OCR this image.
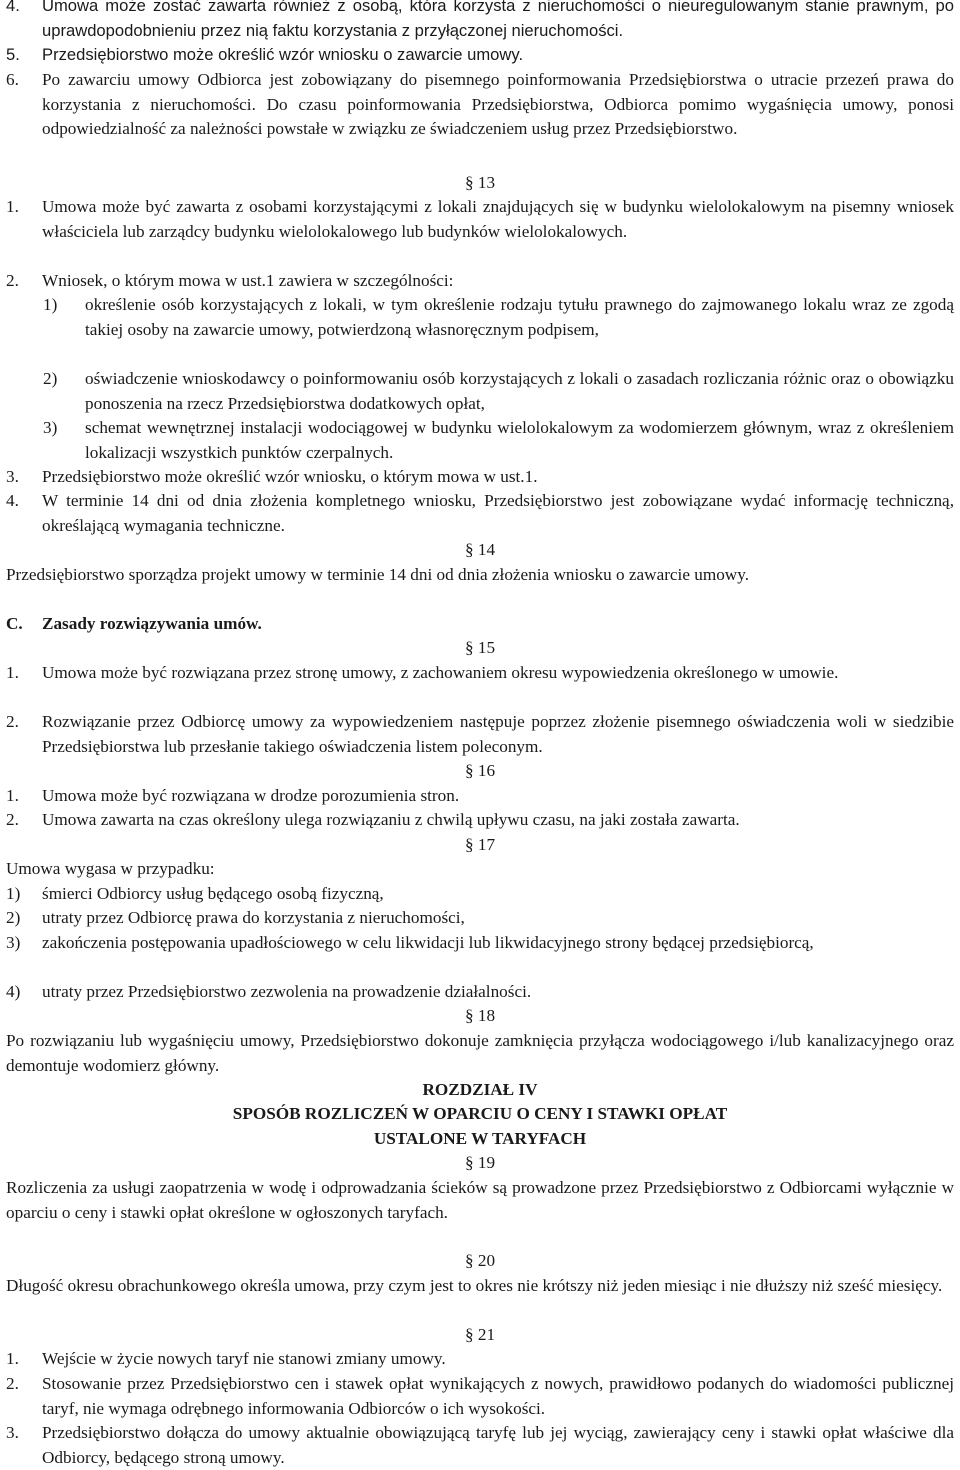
4. Umowa może zostać zawarta również z osobą, która korzysta z nieruchomości o nieuregulowanym stanie prawnym, po uprawdopodobnieniu przez nią faktu korzystania z przyłączonej nieruchomości.
5. Przedsiębiorstwo może określić wzór wniosku o zawarcie umowy.
6. Po zawarciu umowy Odbiorca jest zobowiązany do pisemnego poinformowania Przedsiębiorstwa o utracie przezeń prawa do korzystania z nieruchomości. Do czasu poinformowania Przedsiębiorstwa, Odbiorca pomimo wygaśnięcia umowy, ponosi odpowiedzialność za należności powstałe w związku ze świadczeniem usług przez Przedsiębiorstwo.
§ 13
1. Umowa może być zawarta z osobami korzystającymi z lokali znajdujących się w budynku wielolokalowym na pisemny wniosek właściciela lub zarządcy budynku wielolokalowego lub budynków wielolokalowych.
2. Wniosek, o którym mowa w ust.1 zawiera w szczególności:
1) określenie osób korzystających z lokali, w tym określenie rodzaju tytułu prawnego do zajmowanego lokalu wraz ze zgodą takiej osoby na zawarcie umowy, potwierdzoną własnoręcznym podpisem,
2) oświadczenie wnioskodawcy o poinformowaniu osób korzystających z lokali o zasadach rozliczania różnic oraz o obowiązku ponoszenia na rzecz Przedsiębiorstwa dodatkowych opłat,
3) schemat wewnętrznej instalacji wodociągowej w budynku wielolokalowym za wodomierzem głównym, wraz z określeniem lokalizacji wszystkich punktów czerpalnych.
3. Przedsiębiorstwo może określić wzór wniosku, o którym mowa w ust.1.
4. W terminie 14 dni od dnia złożenia kompletnego wniosku, Przedsiębiorstwo jest zobowiązane wydać informację techniczną, określającą wymagania techniczne.
§ 14
Przedsiębiorstwo sporządza projekt umowy w terminie 14 dni od dnia złożenia wniosku o zawarcie umowy.
C. Zasady rozwiązywania umów.
§ 15
1. Umowa może być rozwiązana przez stronę umowy, z zachowaniem okresu wypowiedzenia określonego w umowie.
2. Rozwiązanie przez Odbiorcę umowy za wypowiedzeniem następuje poprzez złożenie pisemnego oświadczenia woli w siedzibie Przedsiębiorstwa lub przesłanie takiego oświadczenia listem poleconym.
§ 16
1. Umowa może być rozwiązana w drodze porozumienia stron.
2. Umowa zawarta na czas określony ulega rozwiązaniu z chwilą upływu czasu, na jaki została zawarta.
§ 17
Umowa wygasa w przypadku:
1) śmierci Odbiorcy usług będącego osobą fizyczną,
2) utraty przez Odbiorcę prawa do korzystania z nieruchomości,
3) zakończenia postępowania upadłościowego w celu likwidacji lub likwidacyjnego strony będącej przedsiębiorcą,
4) utraty przez Przedsiębiorstwo zezwolenia na prowadzenie działalności.
§ 18
Po rozwiązaniu lub wygaśnięciu umowy, Przedsiębiorstwo dokonuje zamknięcia przyłącza wodociągowego i/lub kanalizacyjnego oraz demontuje wodomierz główny.
ROZDZIAŁ IV
SPOSÓB ROZLICZEŃ W OPARCIU O CENY I STAWKI OPŁAT
USTALONE W TARYFACH
§ 19
Rozliczenia za usługi zaopatrzenia w wodę i odprowadzania ścieków są prowadzone przez Przedsiębiorstwo z Odbiorcami wyłącznie w oparciu o ceny i stawki opłat określone w ogłoszonych taryfach.
§ 20
Długość okresu obrachunkowego określa umowa, przy czym jest to okres nie krótszy niż jeden miesiąc i nie dłuższy niż sześć miesięcy.
§ 21
1. Wejście w życie nowych taryf nie stanowi zmiany umowy.
2. Stosowanie przez Przedsiębiorstwo cen i stawek opłat wynikających z nowych, prawidłowo podanych do wiadomości publicznej taryf, nie wymaga odrębnego informowania Odbiorców o ich wysokości.
3. Przedsiębiorstwo dołącza do umowy aktualnie obowiązującą taryfę lub jej wyciąg, zawierający ceny i stawki opłat właściwe dla Odbiorcy, będącego stroną umowy.
